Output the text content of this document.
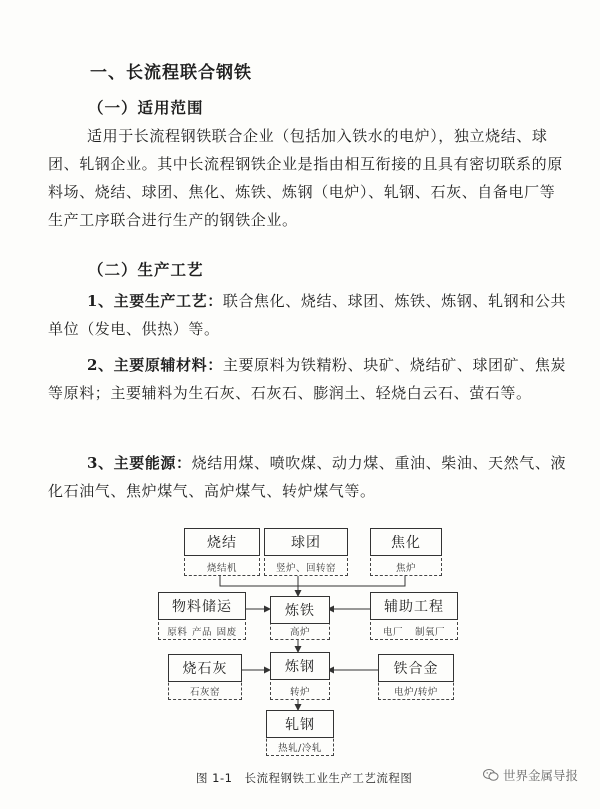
一、长流程联合钢铁
（一）适用范围
适用于长流程钢铁联合企业（包括加入铁水的电炉），独立烧结、球团、轧钢企业。其中长流程钢铁企业是指由相互衔接的且具有密切联系的原料场、烧结、球团、焦化、炼铁、炼钢（电炉）、轧钢、石灰、自备电厂等生产工序联合进行生产的钢铁企业。
（二）生产工艺
1、主要生产工艺：联合焦化、烧结、球团、炼铁、炼钢、轧钢和公共单位（发电、供热）等。
2、主要原辅材料：主要原料为铁精粉、块矿、烧结矿、球团矿、焦炭等原料；主要辅料为生石灰、石灰石、膨润土、轻烧白云石、萤石等。
3、主要能源：烧结用煤、喷吹煤、动力煤、重油、柴油、天然气、液化石油气、焦炉煤气、高炉煤气、转炉煤气等。
烧结
烧结机
球团
竖炉、回转窑
焦化
焦炉
物料储运
原料 产品 固废
炼铁
高炉
辅助工程
电厂 制氧厂
烧石灰
石灰窑
炼钢
转炉
铁合金
电炉/转炉
轧钢
热轧/冷轧
图 1-1　长流程钢铁工业生产工艺流程图	世界金属导报
